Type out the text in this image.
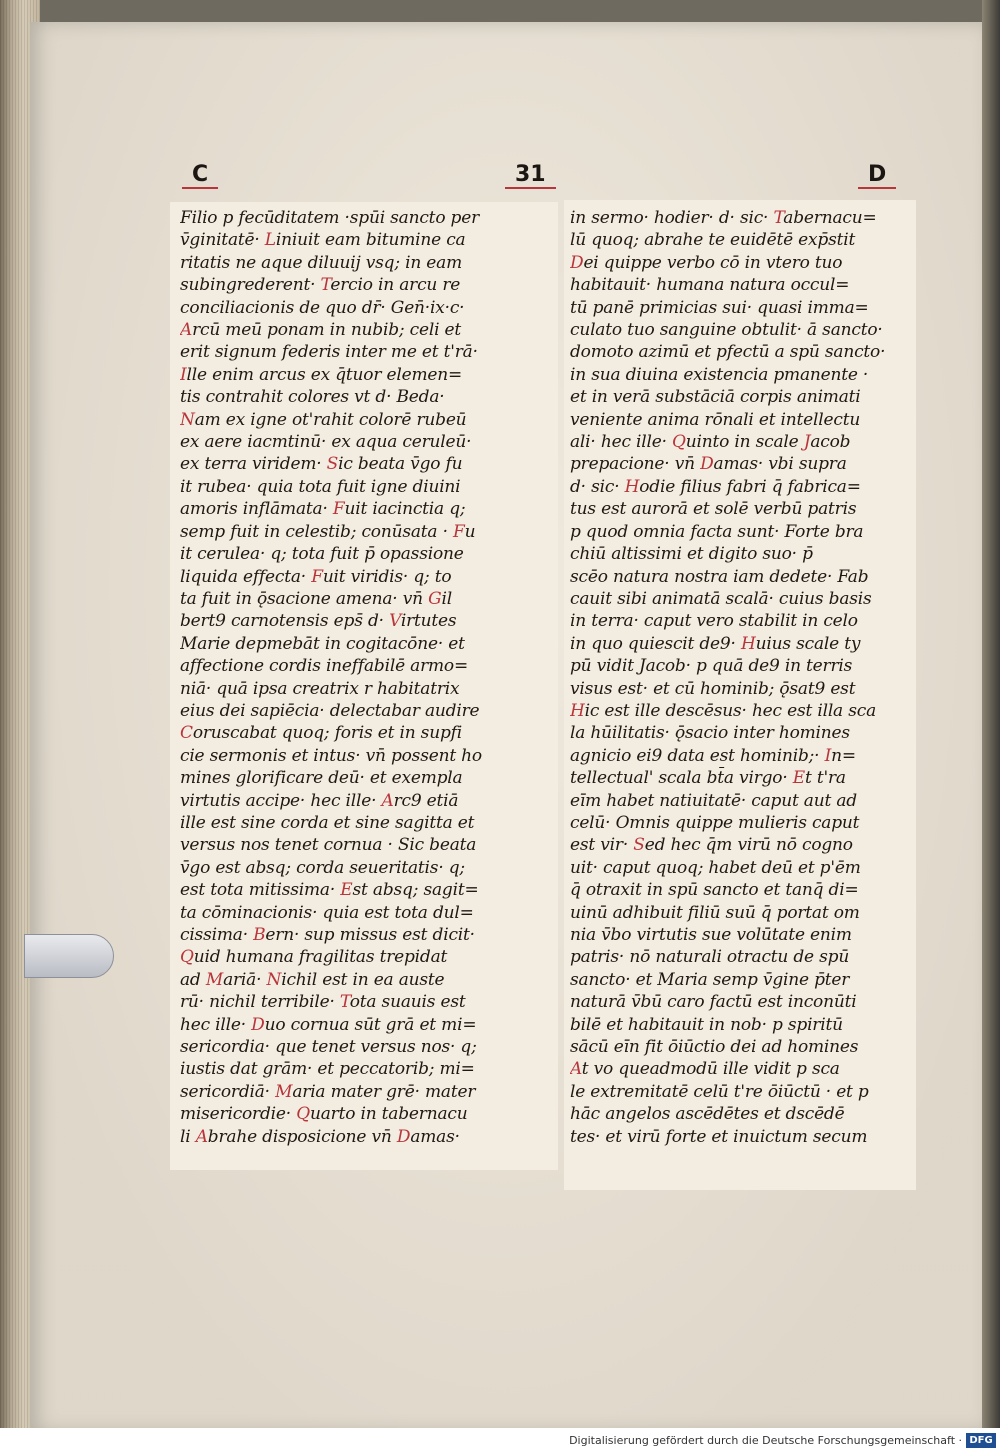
C	31	D
Filio p fecūditatem ·spūi sancto per
v̄ginitatē· Liniuit eam bitumine ca
ritatis ne aque diluuij vsq; in eam
subingrederent· Tercio in arcu re
conciliacionis de quo dr̄· Gen̄·ix·c·
Arcū meū ponam in nubib; celi et
erit signum federis inter me et t'rā·
Ille enim arcus ex q̄tuor elemen=
tis contrahit colores vt d· Beda·
Nam ex igne ot'rahit colorē rubeū
ex aere iacmtinū· ex aqua ceruleū·
ex terra viridem· Sic beata v̄go fu
it rubea· quia tota fuit igne diuini
amoris inflāmata· Fuit iacinctia q;
semp fuit in celestib; conūsata · Fu
it cerulea· q; tota fuit p̄ opassione
liquida effecta· Fuit viridis· q; to
ta fuit in ǭsacione amena· vn̄ Gil
bert9 carnotensis eps̄ d· Virtutes
Marie depmebāt in cogitacōne· et
affectione cordis ineffabilē armo=
niā· quā ipsa creatrix r habitatrix
eius dei sapiēcia· delectabar audire
Coruscabat quoq; foris et in supfi
cie sermonis et intus· vn̄ possent ho
mines glorificare deū· et exempla
virtutis accipe· hec ille· Arc9 etiā
ille est sine corda et sine sagitta et
versus nos tenet cornua · Sic beata
v̄go est absq; corda seueritatis· q;
est tota mitissima· Est absq; sagit=
ta cōminacionis· quia est tota dul=
cissima· Bern· sup missus est dicit·
Quid humana fragilitas trepidat
ad Mariā· Nichil est in ea auste
rū· nichil terribile· Tota suauis est
hec ille· Duo cornua sūt grā et mi=
sericordia· que tenet versus nos· q;
iustis dat grām· et peccatorib; mi=
sericordiā· Maria mater grē· mater
misericordie· Quarto in tabernacu
li Abrahe disposicione vn̄ Damas·
in sermo· hodier· d· sic· Tabernacu=
lū quoq; abrahe te euidētē exp̄stit
Dei quippe verbo cō in vtero tuo
habitauit· humana natura occul=
tū panē primicias sui· quasi imma=
culato tuo sanguine obtulit· ā sancto·
domoto azimū et pfectū a spū sancto·
in sua diuina existencia pmanente ·
et in verā substāciā corpis animati
veniente anima rōnali et intellectu
ali· hec ille· Quinto in scale Jacob
prepacione· vn̄ Damas· vbi supra
d· sic· Hodie filius fabri q̄ fabrica=
tus est aurorā et solē verbū patris
p quod omnia facta sunt· Forte bra
chiū altissimi et digito suo· p̄
scēo natura nostra iam dedete· Fab
cauit sibi animatā scalā· cuius basis
in terra· caput vero stabilit in celo
in quo quiescit de9· Huius scale ty
pū vidit Jacob· p quā de9 in terris
visus est· et cū hominib; ǭsat9 est
Hic est ille descēsus· hec est illa sca
la hūilitatis· ǭsacio inter homines
agnicio ei9 data est hominib;· In=
tellectual' scala bt̄a virgo· Et t'ra
eīm habet natiuitatē· caput aut ad
celū· Omnis quippe mulieris caput
est vir· Sed hec q̄m virū nō cogno
uit· caput quoq; habet deū et p'ēm
q̄ otraxit in spū sancto et tanq̄ di=
uinū adhibuit filiū suū q̄ portat om
nia v̄bo virtutis sue volūtate enim
patris· nō naturali otractu de spū
sancto· et Maria semp v̄gine p̄ter
naturā v̄bū caro factū est inconūti
bilē et habitauit in nob· p spiritū
sācū eīn fit ōiūctio dei ad homines
At vo queadmodū ille vidit p sca
le extremitatē celū t're ōiūctū · et p
hāc angelos ascēdētes et dscēdē
tes· et virū forte et inuictum secum
Digitalisierung gefördert durch die Deutsche Forschungsgemeinschaft · DFG
